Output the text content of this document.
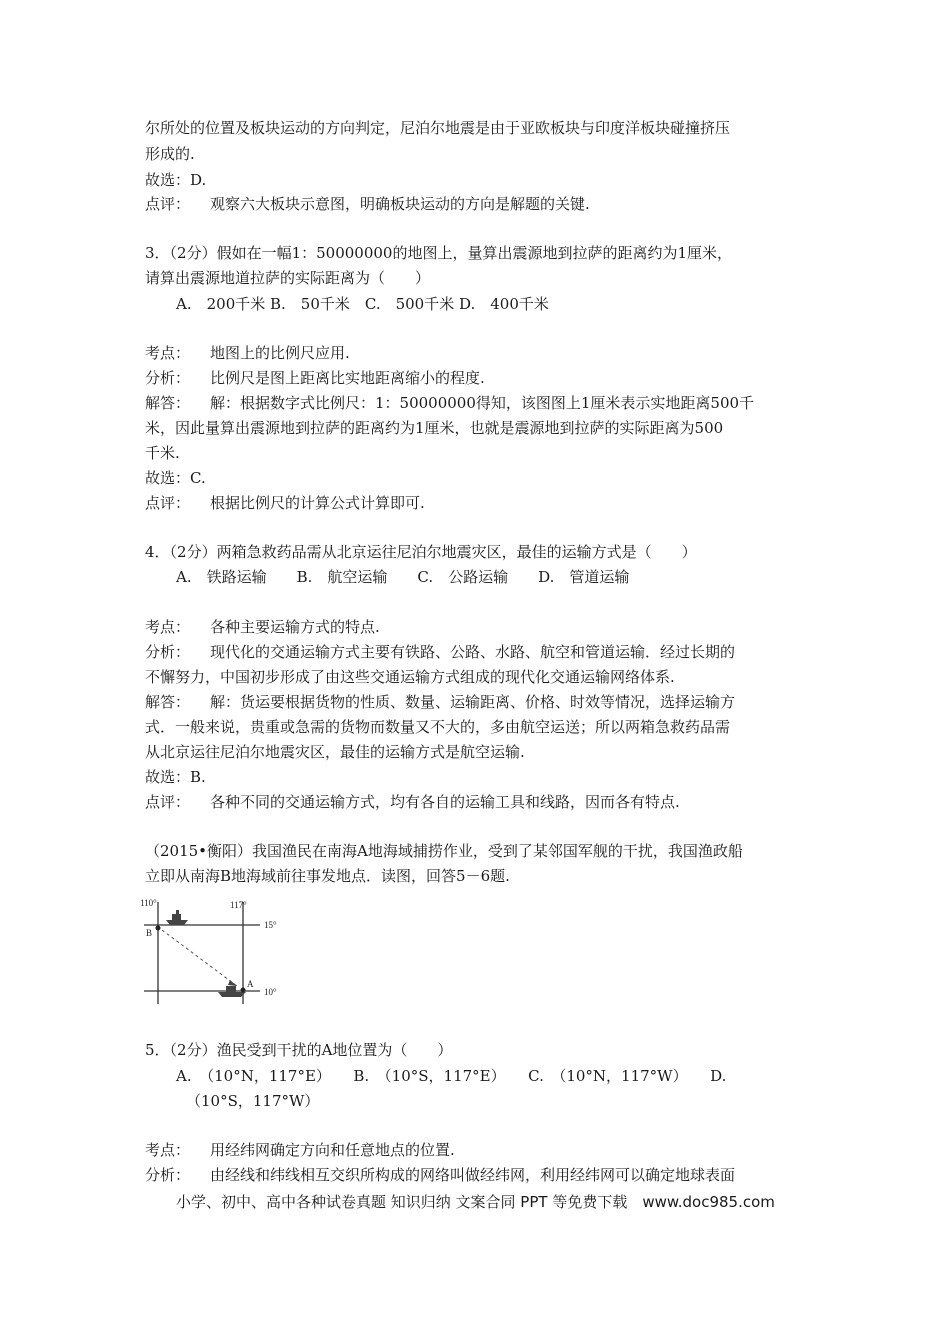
尔所处的位置及板块运动的方向判定，尼泊尔地震是由于亚欧板块与印度洋板块碰撞挤压
形成的.
故选：D.
点评： 观察六大板块示意图，明确板块运动的方向是解题的关键.
3．（2分）假如在一幅1：50000000的地图上，量算出震源地到拉萨的距离约为1厘米，
请算出震源地道拉萨的实际距离为（　　）
A.　200千米 B.　50千米　C.　500千米 D.　400千米
考点： 地图上的比例尺应用.
分析： 比例尺是图上距离比实地距离缩小的程度.
解答： 解：根据数字式比例尺：1：50000000得知，该图图上1厘米表示实地距离500千
米，因此量算出震源地到拉萨的距离约为1厘米，也就是震源地到拉萨的实际距离为500
千米.
故选：C.
点评： 根据比例尺的计算公式计算即可.
4．（2分）两箱急救药品需从北京运往尼泊尔地震灾区，最佳的运输方式是（　　）
A.　铁路运输 B.　航空运输 C.　公路运输 D.　管道运输
考点： 各种主要运输方式的特点.
分析： 现代化的交通运输方式主要有铁路、公路、水路、航空和管道运输．经过长期的
不懈努力，中国初步形成了由这些交通运输方式组成的现代化交通运输网络体系.
解答： 解：货运要根据货物的性质、数量、运输距离、价格、时效等情况，选择运输方
式．一般来说，贵重或急需的货物而数量又不大的，多由航空运送；所以两箱急救药品需
从北京运往尼泊尔地震灾区，最佳的运输方式是航空运输.
故选：B.
点评： 各种不同的交通运输方式，均有各自的运输工具和线路，因而各有特点.
（2015•衡阳）我国渔民在南海A地海域捕捞作业，受到了某邻国军舰的干扰，我国渔政船
立即从南海B地海域前往事发地点．读图，回答5－6题.
110°	117°
15°
10°
B
A
5．（2分）渔民受到干扰的A地位置为（　　）
A.　（10°N，117°E）　　B.　（10°S，117°E）　　C.　（10°N，117°W）　　D.
（10°S，117°W）
考点： 用经纬网确定方向和任意地点的位置.
分析： 由经线和纬线相互交织所构成的网络叫做经纬网，利用经纬网可以确定地球表面
小学、初中、高中各种试卷真题 知识归纳 文案合同 PPT 等免费下载　www.doc985.com
